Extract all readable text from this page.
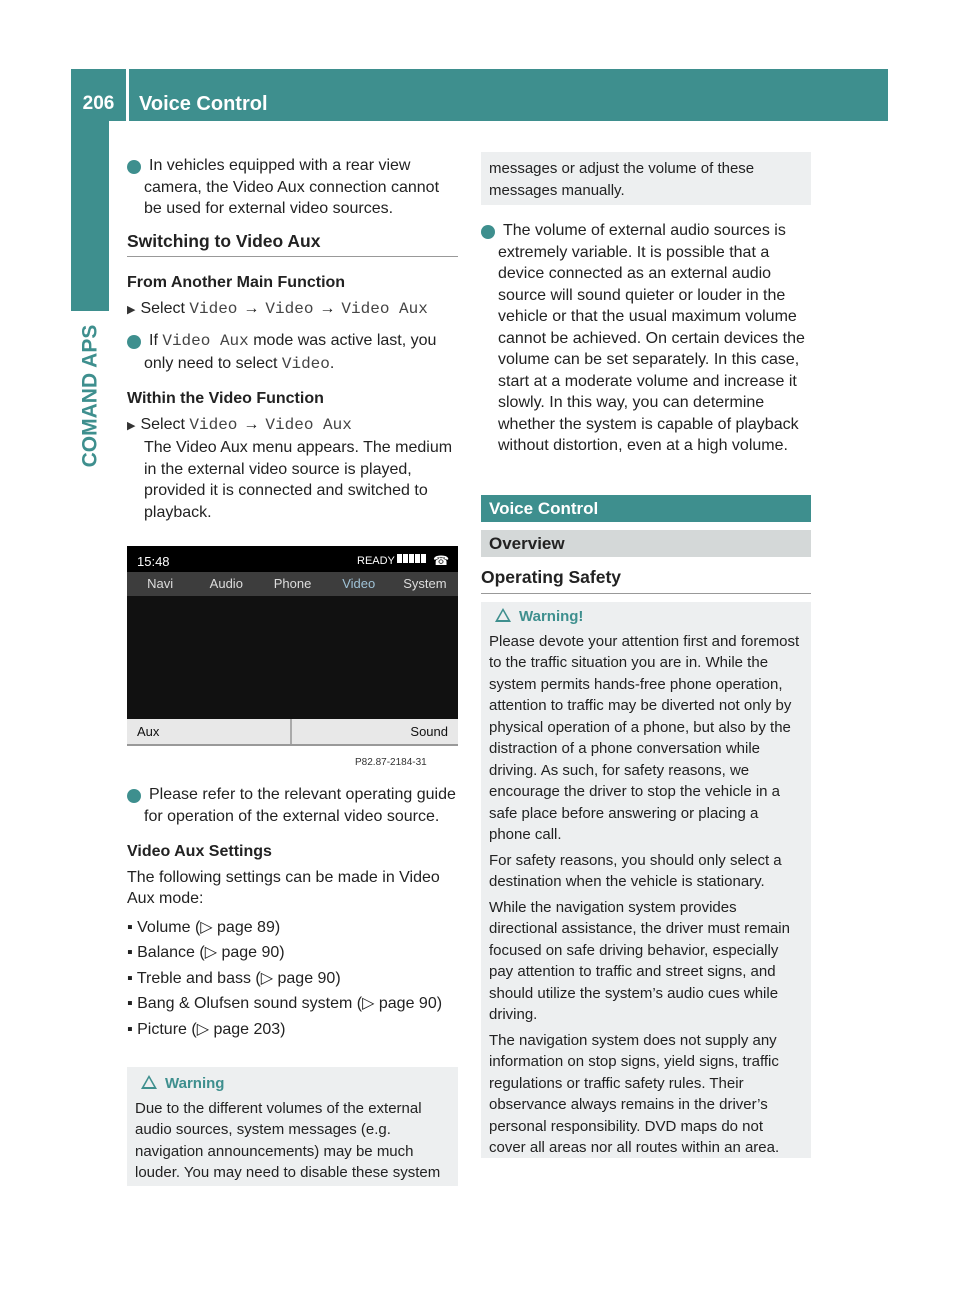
206	Voice Control
COMAND APS

i In vehicles equipped with a rear view camera, the Video Aux connection cannot be used for external video sources.

Switching to Video Aux

From Another Main Function

▶ Select Video → Video → Video Aux

i If Video Aux mode was active last, you only need to select Video.

Within the Video Function

▶ Select Video → Video Aux

The Video Aux menu appears. The medium in the external video source is played, provided it is connected and switched to playback.

15:48	READY	☎
Navi	Audio	Phone	Video	System
Aux	Sound
P82.87-2184-31

i Please refer to the relevant operating guide for operation of the external video source.

Video Aux Settings

The following settings can be made in Video Aux mode:

▪ Volume (▷ page 89)

▪ Balance (▷ page 90)

▪ Treble and bass (▷ page 90)

▪ Bang & Olufsen sound system (▷ page 90)

▪ Picture (▷ page 203)

Warning

Due to the different volumes of the external audio sources, system messages (e.g. navigation announcements) may be much louder. You may need to disable these system

messages or adjust the volume of these messages manually.

i The volume of external audio sources is extremely variable. It is possible that a device connected as an external audio source will sound quieter or louder in the vehicle or that the usual maximum volume cannot be achieved. On certain devices the volume can be set separately. In this case, start at a moderate volume and increase it slowly. In this way, you can determine whether the system is capable of playback without distortion, even at a high volume.

Voice Control
Overview
Operating Safety
Warning!

Please devote your attention first and foremost to the traffic situation you are in. While the system permits hands-free phone operation, attention to traffic may be diverted not only by physical operation of a phone, but also by the distraction of a phone conversation while driving. As such, for safety reasons, we encourage the driver to stop the vehicle in a safe place before answering or placing a phone call.

For safety reasons, you should only select a destination when the vehicle is stationary.

While the navigation system provides directional assistance, the driver must remain focused on safe driving behavior, especially pay attention to traffic and street signs, and should utilize the system’s audio cues while driving.

The navigation system does not supply any information on stop signs, yield signs, traffic regulations or traffic safety rules. Their observance always remains in the driver’s personal responsibility. DVD maps do not cover all areas nor all routes within an area.
